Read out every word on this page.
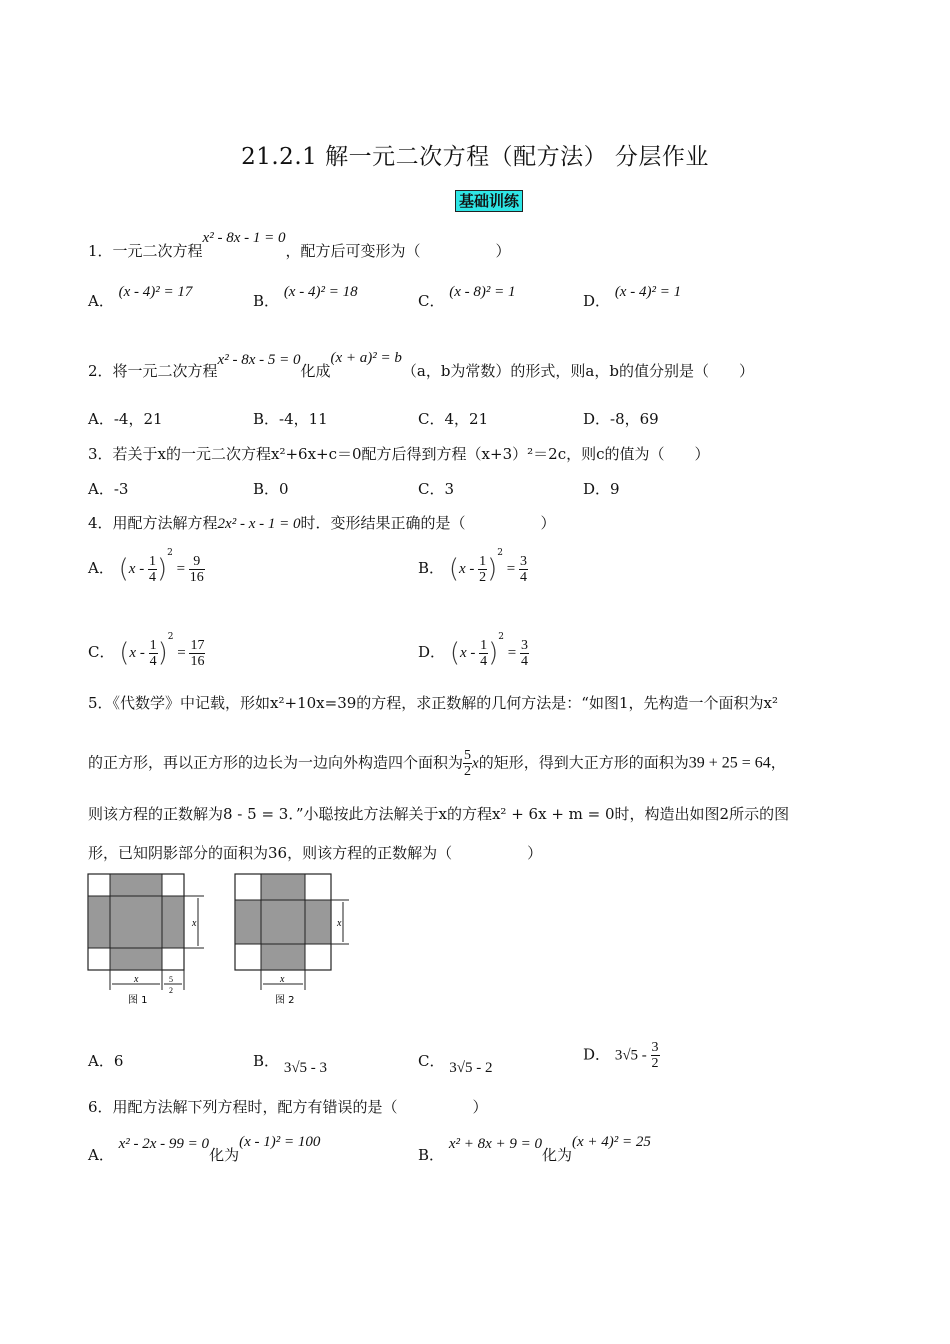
21.2.1 解一元二次方程（配方法） 分层作业
基础训练
1．一元二次方程x² - 8x - 1 = 0，配方后可变形为（　　　　　）
A． (x - 4)² = 17	B． (x - 4)² = 18	C． (x - 8)² = 1	D． (x - 4)² = 1
2．将一元二次方程x² - 8x - 5 = 0化成(x + a)² = b（a，b为常数）的形式，则a，b的值分别是（　　）
A．-4，21	B．-4，11	C．4，21	D．-8，69
3．若关于x的一元二次方程x²+6x+c＝0配方后得到方程（x+3）²＝2c，则c的值为（　　）
A．-3	B．0	C．3	D．9
4．用配方法解方程2x² - x - 1 = 0时．变形结果正确的是（　　　　　）
A． $(x - \frac{1}{4} )^2 = \frac{9}{16}$	B． $(x - \frac{1}{2} )^2 = \frac{3}{4}$
C． $(x - \frac{1}{4} )^2 = \frac{17}{16}$	D． $(x - \frac{1}{4} )^2 = \frac{3}{4}$
5．《代数学》中记载，形如x²+10x=39的方程，求正数解的几何方法是：“如图1，先构造一个面积为x²
的正方形，再以正方形的边长为一边向外构造四个面积为 $\frac{5}{2}$ x的矩形，得到大正方形的面积为39 + 25 = 64，
则该方程的正数解为8 - 5 = 3．”小聪按此方法解关于x的方程x² + 6x + m = 0时，构造出如图2所示的图
形，已知阴影部分的面积为36，则该方程的正数解为（　　　　　）
x
x	5
2
图 1
x
x
图 2
A．6	B． 3√5 - 3	C． 3√5 - 2
D． $3√5 - \frac{3}{2}$
6．用配方法解下列方程时，配方有错误的是（　　　　　）
A． x² - 2x - 99 = 0化为(x - 1)² = 100
B． x² + 8x + 9 = 0化为(x + 4)² = 25
